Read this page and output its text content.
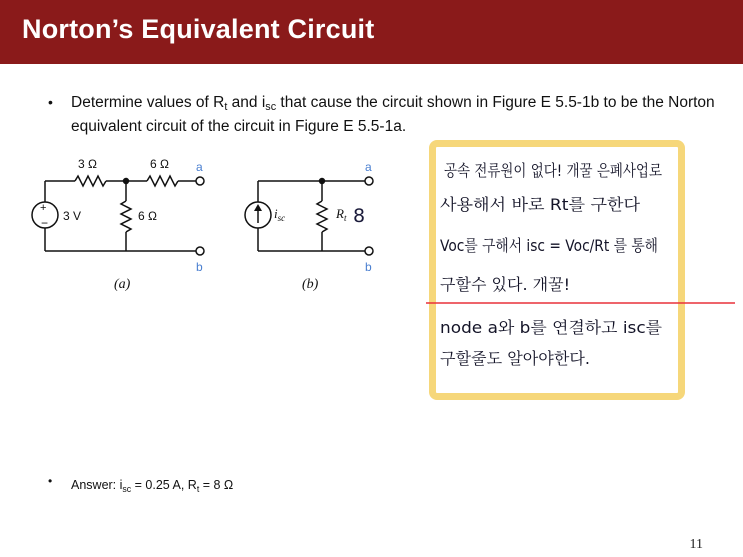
Norton’s Equivalent Circuit
• Determine values of $R_t$ and $i_{sc}$ that cause the circuit shown in Figure E 5.5-1b to be the Norton equivalent circuit of the circuit in Figure E 5.5-1a.
+
− 3 V
3 Ω	6 Ω
6 Ω
a
b
(a)
$i_{sc}$	$R_t$ 8
a
b
(b)
공속 전류원이 없다! 개꿀 은폐사업로
사용해서 바로 Rt를 구한다
Voc를 구해서 isc = Voc/Rt 를 통해
구할수 있다. 개꿀!
node a와 b를 연결하고 isc를
구할줄도 알아야한다.
• Answer: $i_{sc} = 0.25$ A, $R_t = 8$ Ω
11
